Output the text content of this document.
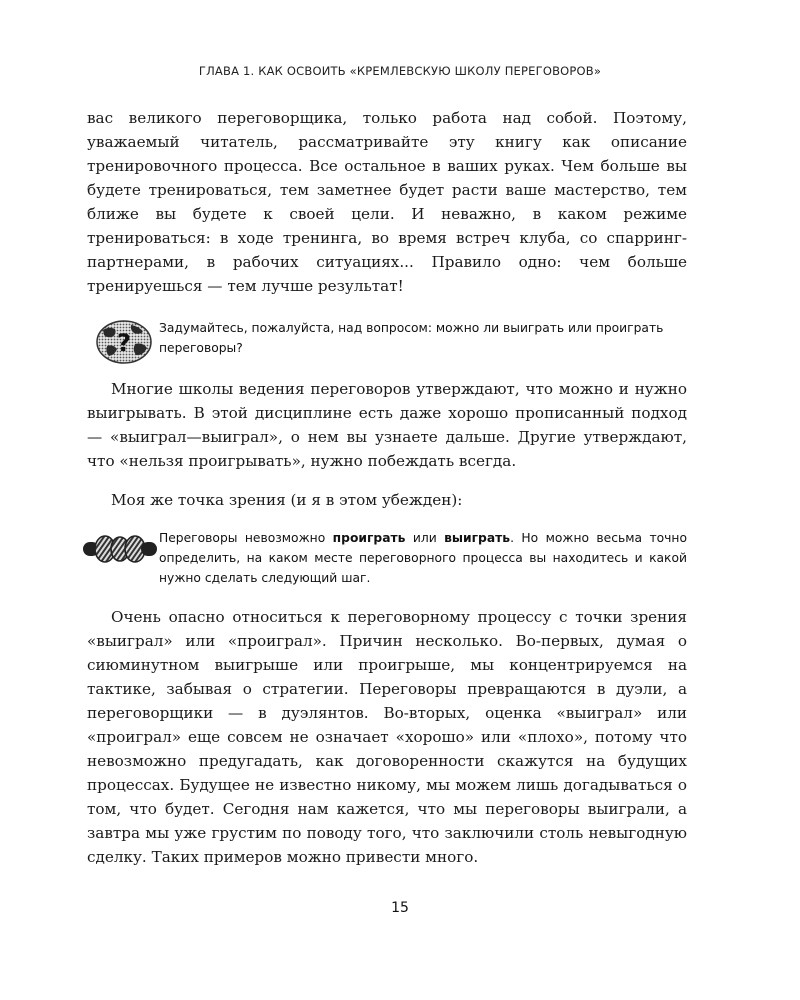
ГЛАВА 1. КАК ОСВОИТЬ «КРЕМЛЕВСКУЮ ШКОЛУ ПЕРЕГОВОРОВ»

вас великого переговорщика, только работа над собой. Поэтому, уважаемый читатель, рассматривайте эту книгу как описание тренировочного процесса. Все остальное в ваших руках. Чем больше вы будете тренироваться, тем заметнее будет расти ваше мастерство, тем ближе вы будете к своей цели. И неважно, в каком режиме тренироваться: в ходе тренинга, во время встреч клуба, со спарринг-партнерами, в рабочих ситуациях... Правило одно: чем больше тренируешься — тем лучше результат!

?
Задумайтесь, пожалуйста, над вопросом: можно ли выиграть или проиграть переговоры?

Многие школы ведения переговоров утверждают, что можно и нужно выигрывать. В этой дисциплине есть даже хорошо прописанный подход — «выиграл—выиграл», о нем вы узнаете дальше. Другие утверждают, что «нельзя проигрывать», нужно побеждать всегда.

Моя же точка зрения (и я в этом убежден):

Переговоры невозможно проиграть или выиграть. Но можно весьма точно определить, на каком месте переговорного процесса вы находитесь и какой нужно сделать следующий шаг.

Очень опасно относиться к переговорному процессу с точки зрения «выиграл» или «проиграл». Причин несколько. Во-первых, думая о сиюминутном выигрыше или проигрыше, мы концентрируемся на тактике, забывая о стратегии. Переговоры превращаются в дуэли, а переговорщики — в дуэлянтов. Во-вторых, оценка «выиграл» или «проиграл» еще совсем не означает «хорошо» или «плохо», потому что невозможно предугадать, как договоренности скажутся на будущих процессах. Будущее не известно никому, мы можем лишь догадываться о том, что будет. Сегодня нам кажется, что мы переговоры выиграли, а завтра мы уже грустим по поводу того, что заключили столь невыгодную сделку. Таких примеров можно привести много.

15
